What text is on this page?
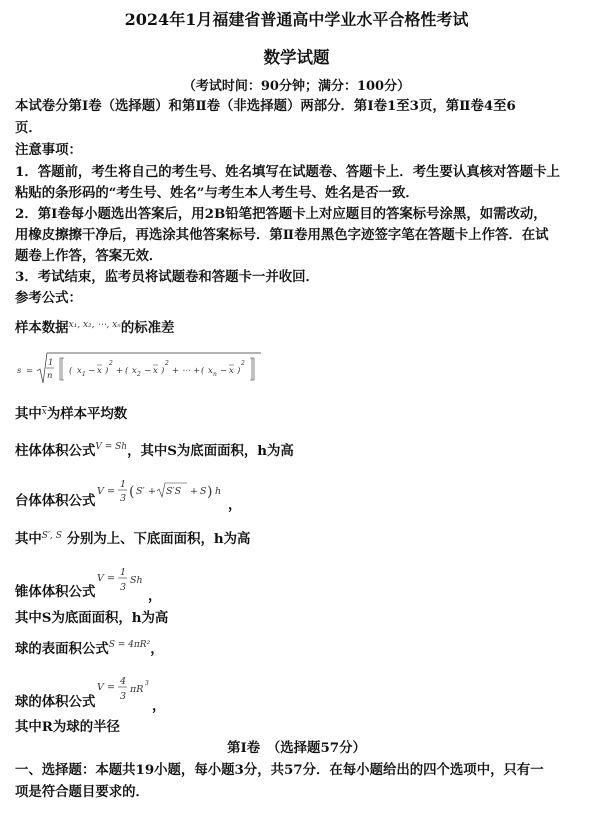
2024年1月福建省普通高中学业水平合格性考试
数学试题
（考试时间：90分钟；满分：100分）
本试卷分第Ⅰ卷（选择题）和第Ⅱ卷（非选择题）两部分．第Ⅰ卷1至3页，第Ⅱ卷4至6
页．
注意事项：
1．答题前，考生将自己的考生号、姓名填写在试题卷、答题卡上．考生要认真核对答题卡上
粘贴的条形码的“考生号、姓名”与考生本人考生号、姓名是否一致．
2．第Ⅰ卷每小题选出答案后，用2B铅笔把答题卡上对应题目的答案标号涂黑，如需改动，
用橡皮擦擦干净后，再选涂其他答案标号．第Ⅱ卷用黑色字迹签字笔在答题卡上作答．在试
题卷上作答，答案无效．
3．考试结束，监考员将试题卷和答题卡一并收回．
参考公式：
样本数据$^{x_1, x_2, \cdots, x_n}$的标准差
s =
1
n ( x 1 − x )
2
+ ( x 2 − x )
2
+ ⋯ + ( x n − x )
2
其中$^{\overline{x}}$为样本平均数
柱体体积公式$^{V = Sh}$，其中S为底面面积，h为高
台体体积公式
V =
1
3 ( S′ + S′S + S ) h
，
其中$^{S', S}$ 分别为上、下底面面积，h为高
锥体体积公式
V =
1
3
Sh
，
其中S为底面面积，h为高
球的表面积公式$^{S = 4\pi R^2}$，
球的体积公式
V =
4
3
πR
3
，
其中R为球的半径
第Ⅰ卷　（选择题57分）
一、选择题：本题共19小题，每小题3分，共57分．在每小题给出的四个选项中，只有一
项是符合题目要求的．
